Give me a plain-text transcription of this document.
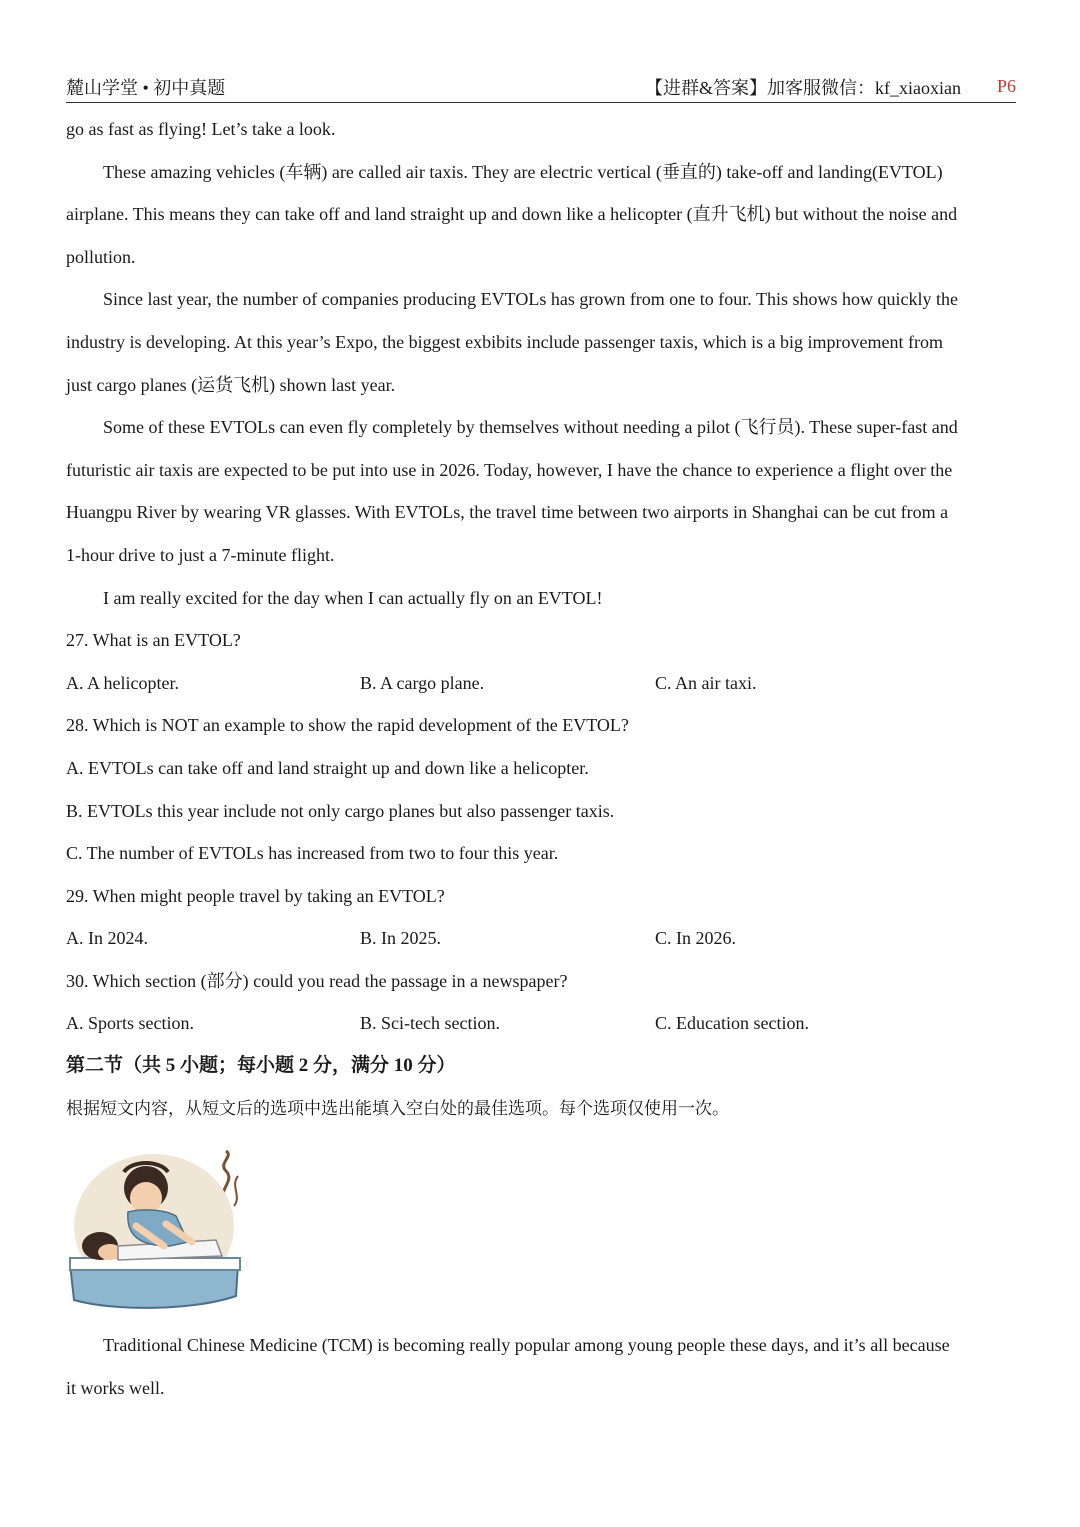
麓山学堂 • 初中真题	【进群&答案】加客服微信：kf_xiaoxian P6
go as fast as flying! Let’s take a look.
These amazing vehicles (车辆) are called air taxis. They are electric vertical (垂直的) take-off and landing(EVTOL)
airplane. This means they can take off and land straight up and down like a helicopter (直升飞机) but without the noise and
pollution.
Since last year, the number of companies producing EVTOLs has grown from one to four. This shows how quickly the
industry is developing. At this year’s Expo, the biggest exbibits include passenger taxis, which is a big improvement from
just cargo planes (运货飞机) shown last year.
Some of these EVTOLs can even fly completely by themselves without needing a pilot (飞行员). These super-fast and
futuristic air taxis are expected to be put into use in 2026. Today, however, I have the chance to experience a flight over the
Huangpu River by wearing VR glasses. With EVTOLs, the travel time between two airports in Shanghai can be cut from a
1-hour drive to just a 7-minute flight.
I am really excited for the day when I can actually fly on an EVTOL!
27. What is an EVTOL?
A. A helicopter.	B. A cargo plane.	C. An air taxi.
28. Which is NOT an example to show the rapid development of the EVTOL?
A. EVTOLs can take off and land straight up and down like a helicopter.
B. EVTOLs this year include not only cargo planes but also passenger taxis.
C. The number of EVTOLs has increased from two to four this year.
29. When might people travel by taking an EVTOL?
A. In 2024.	B. In 2025.	C. In 2026.
30. Which section (部分) could you read the passage in a newspaper?
A. Sports section.	B. Sci-tech section.	C. Education section.
第二节（共 5 小题；每小题 2 分，满分 10 分）
根据短文内容，从短文后的选项中选出能填入空白处的最佳选项。每个选项仅使用一次。
Traditional Chinese Medicine (TCM) is becoming really popular among young people these days, and it’s all because
it works well.
